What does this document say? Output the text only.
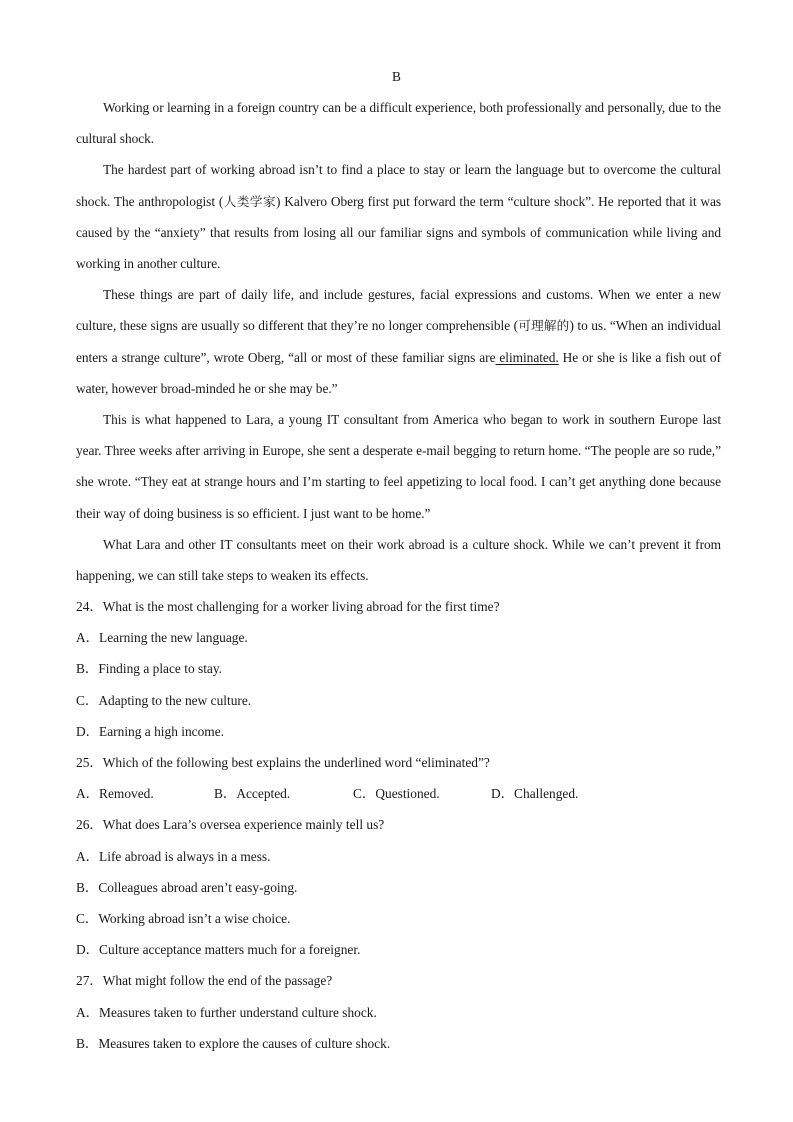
B

Working or learning in a foreign country can be a difficult experience, both professionally and personally, due to the cultural shock.

The hardest part of working abroad isn’t to find a place to stay or learn the language but to overcome the cultural shock. The anthropologist (人类学家) Kalvero Oberg first put forward the term “culture shock”. He reported that it was caused by the “anxiety” that results from losing all our familiar signs and symbols of communication while living and working in another culture.

These things are part of daily life, and include gestures, facial expressions and customs. When we enter a new culture, these signs are usually so different that they’re no longer comprehensible (可理解的) to us. “When an individual enters a strange culture”, wrote Oberg, “all or most of these familiar signs are eliminated. He or she is like a fish out of water, however broad-minded he or she may be.”

This is what happened to Lara, a young IT consultant from America who began to work in southern Europe last year. Three weeks after arriving in Europe, she sent a desperate e-mail begging to return home. “The people are so rude,” she wrote. “They eat at strange hours and I’m starting to feel appetizing to local food. I can’t get anything done because their way of doing business is so efficient. I just want to be home.”

What Lara and other IT consultants meet on their work abroad is a culture shock. While we can’t prevent it from happening, we can still take steps to weaken its effects.

24．What is the most challenging for a worker living abroad for the first time?
A．Learning the new language.
B．Finding a place to stay.
C．Adapting to the new culture.
D．Earning a high income.
25．Which of the following best explains the underlined word “eliminated”?
A．Removed.	B．Accepted.	C．Questioned.	D．Challenged.
26．What does Lara’s oversea experience mainly tell us?
A．Life abroad is always in a mess.
B．Colleagues abroad aren’t easy-going.
C．Working abroad isn’t a wise choice.
D．Culture acceptance matters much for a foreigner.
27．What might follow the end of the passage?
A．Measures taken to further understand culture shock.
B．Measures taken to explore the causes of culture shock.
